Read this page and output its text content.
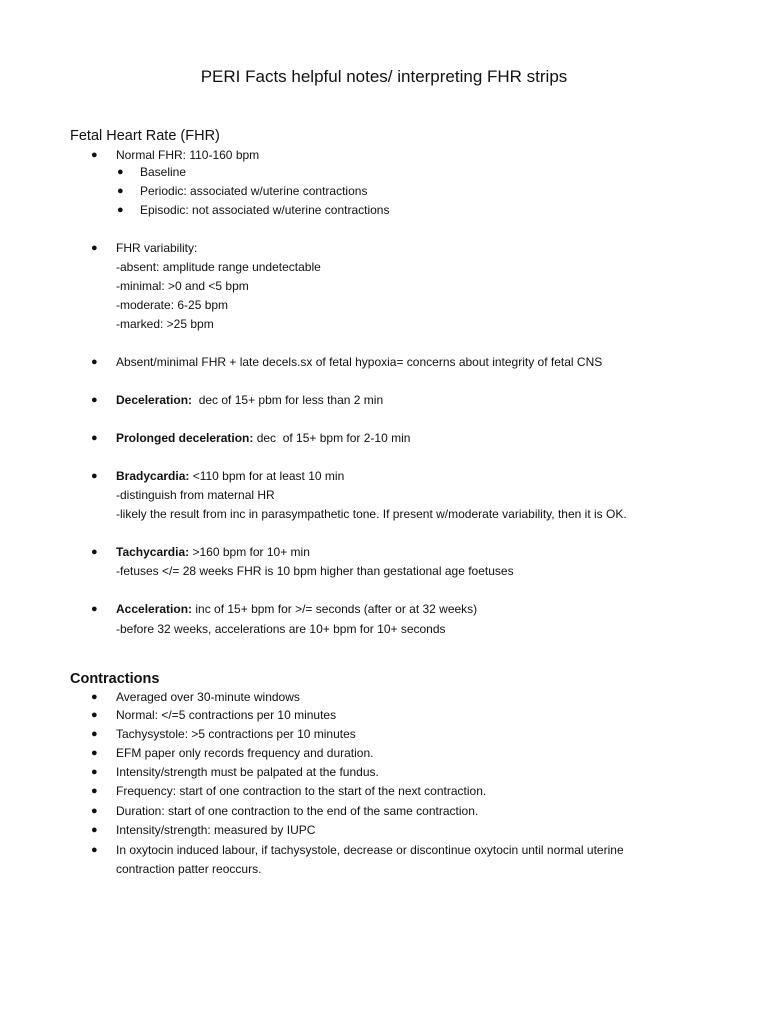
PERI Facts helpful notes/ interpreting FHR strips
Fetal Heart Rate (FHR)
● Normal FHR: 110-160 bpm
● Baseline
● Periodic: associated w/uterine contractions
● Episodic: not associated w/uterine contractions
● FHR variability:
-absent: amplitude range undetectable
-minimal: >0 and <5 bpm
-moderate: 6-25 bpm
-marked: >25 bpm
● Absent/minimal FHR + late decels.sx of fetal hypoxia= concerns about integrity of fetal CNS
● Deceleration:  dec of 15+ pbm for less than 2 min
● Prolonged deceleration: dec  of 15+ bpm for 2-10 min
● Bradycardia: <110 bpm for at least 10 min
-distinguish from maternal HR
-likely the result from inc in parasympathetic tone. If present w/moderate variability, then it is OK.
● Tachycardia: >160 bpm for 10+ min
-fetuses </= 28 weeks FHR is 10 bpm higher than gestational age foetuses
● Acceleration: inc of 15+ bpm for >/= seconds (after or at 32 weeks)
-before 32 weeks, accelerations are 10+ bpm for 10+ seconds
Contractions
● Averaged over 30-minute windows
● Normal: </=5 contractions per 10 minutes
● Tachysystole: >5 contractions per 10 minutes
● EFM paper only records frequency and duration.
● Intensity/strength must be palpated at the fundus.
● Frequency: start of one contraction to the start of the next contraction.
● Duration: start of one contraction to the end of the same contraction.
● Intensity/strength: measured by IUPC
● In oxytocin induced labour, if tachysystole, decrease or discontinue oxytocin until normal uterine
contraction patter reoccurs.
